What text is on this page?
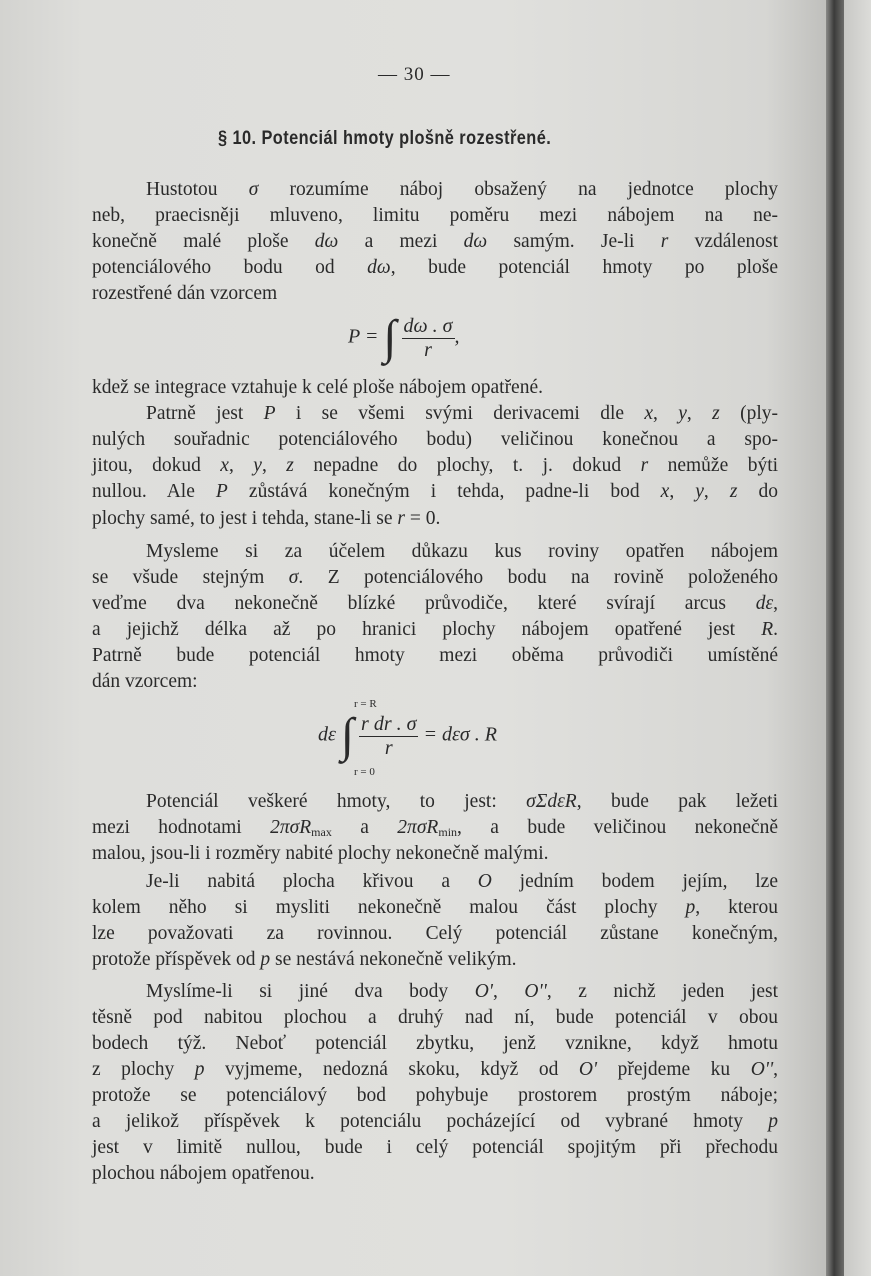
— 30 —
§ 10. Potenciál hmoty plošně rozestřené.
Hustotou σ rozumíme náboj obsažený na jednotce plochy
neb, praecisněji mluveno, limitu poměru mezi nábojem na ne-
konečně malé ploše dω a mezi dω samým. Je-li r vzdálenost
potenciálového bodu od dω, bude potenciál hmoty po ploše
rozestřené dán vzorcem
kdež se integrace vztahuje k celé ploše nábojem opatřené.
Patrně jest P i se všemi svými derivacemi dle x, y, z (ply-
nulých souřadnic potenciálového bodu) veličinou konečnou a spo-
jitou, dokud x, y, z nepadne do plochy, t. j. dokud r nemůže býti
nullou. Ale P zůstává konečným i tehda, padne-li bod x, y, z do
plochy samé, to jest i tehda, stane-li se r = 0.
Mysleme si za účelem důkazu kus roviny opatřen nábojem
se všude stejným σ. Z potenciálového bodu na rovině položeného
veďme dva nekonečně blízké průvodiče, které svírají arcus dε,
a jejichž délka až po hranici plochy nábojem opatřené jest R.
Patrně bude potenciál hmoty mezi oběma průvodiči umístěné
dán vzorcem:
Potenciál veškeré hmoty, to jest: σΣdεR, bude pak ležeti
mezi hodnotami 2πσR$_{max}$ a 2πσR$_{min}$, a bude veličinou nekonečně
malou, jsou-li i rozměry nabité plochy nekonečně malými.
Je-li nabitá plocha křivou a O jedním bodem jejím, lze
kolem něho si mysliti nekonečně malou část plochy p, kterou
lze považovati za rovinnou. Celý potenciál zůstane konečným,
protože příspěvek od p se nestává nekonečně velikým.
Myslíme-li si jiné dva body O', O'', z nichž jeden jest
těsně pod nabitou plochou a druhý nad ní, bude potenciál v obou
bodech týž. Neboť potenciál zbytku, jenž vznikne, když hmotu
z plochy p vyjmeme, nedozná skoku, když od O' přejdeme ku O'',
protože se potenciálový bod pohybuje prostorem prostým náboje;
a jelikož příspěvek k potenciálu pocházející od vybrané hmoty p
jest v limitě nullou, bude i celý potenciál spojitým při přechodu
plochou nábojem opatřenou.
P = ∫ $\frac{d\omega . \sigma}{r}$ ,
dε ∫
r = R
r = 0
$\frac{\text{r dr . σ}}{r} = d\varepsilon\sigma$ . R
